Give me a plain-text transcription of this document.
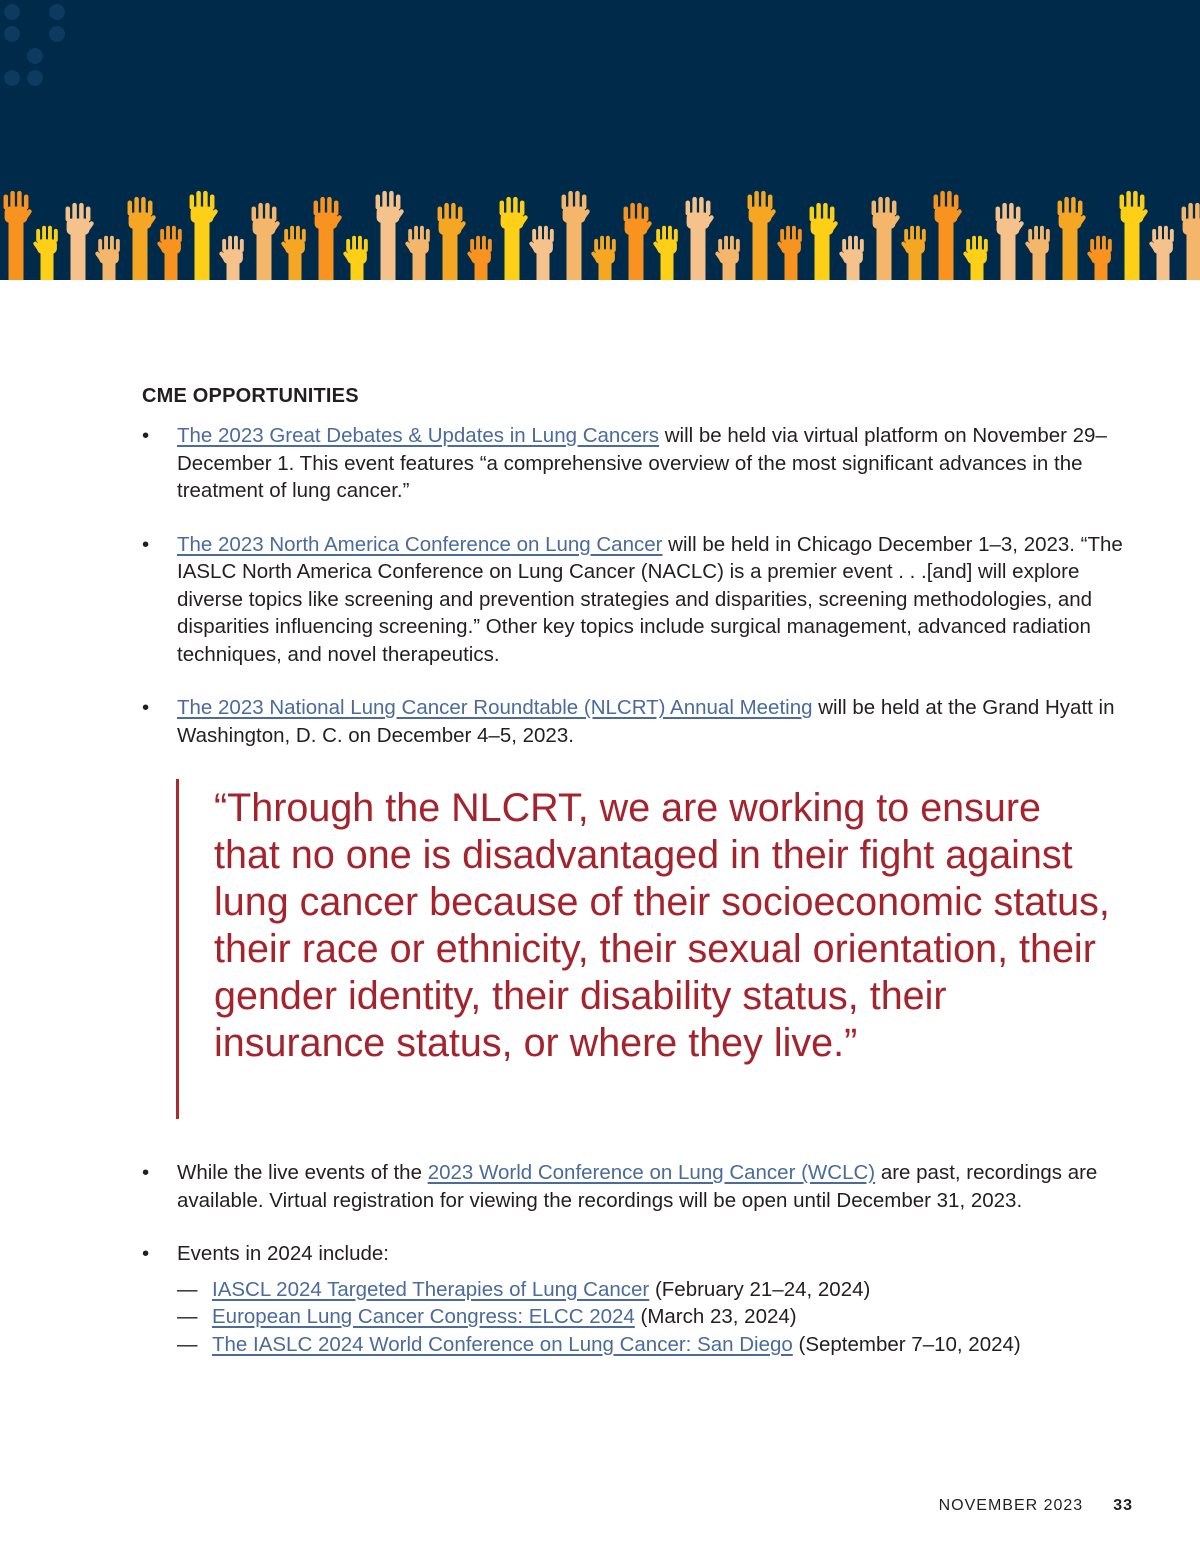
CME OPPORTUNITIES
•	The 2023 Great Debates & Updates in Lung Cancers will be held via virtual platform on November 29–December 1. This event features “a comprehensive overview of the most significant advances in the treatment of lung cancer.”
•	The 2023 North America Conference on Lung Cancer will be held in Chicago December 1–3, 2023. “The IASLC North America Conference on Lung Cancer (NACLC) is a premier event . . .[and] will explore diverse topics like screening and prevention strategies and disparities, screening methodologies, and disparities influencing screening.” Other key topics include surgical management, advanced radiation techniques, and novel therapeutics.
•	The 2023 National Lung Cancer Roundtable (NLCRT) Annual Meeting will be held at the Grand Hyatt in Washington, D. C. on December 4–5, 2023.

“Through the NLCRT, we are working to ensure that no one is disadvantaged in their fight against lung cancer because of their socioeconomic status, their race or ethnicity, their sexual orientation, their gender identity, their disability status, their insurance status, or where they live.”

•	While the live events of the 2023 World Conference on Lung Cancer (WCLC) are past, recordings are available. Virtual registration for viewing the recordings will be open until December 31, 2023.
•	Events in 2024 include:
— IASCL 2024 Targeted Therapies of Lung Cancer (February 21–24, 2024)
— European Lung Cancer Congress: ELCC 2024 (March 23, 2024)
— The IASLC 2024 World Conference on Lung Cancer: San Diego (September 7–10, 2024)
NOVEMBER 2023 33
